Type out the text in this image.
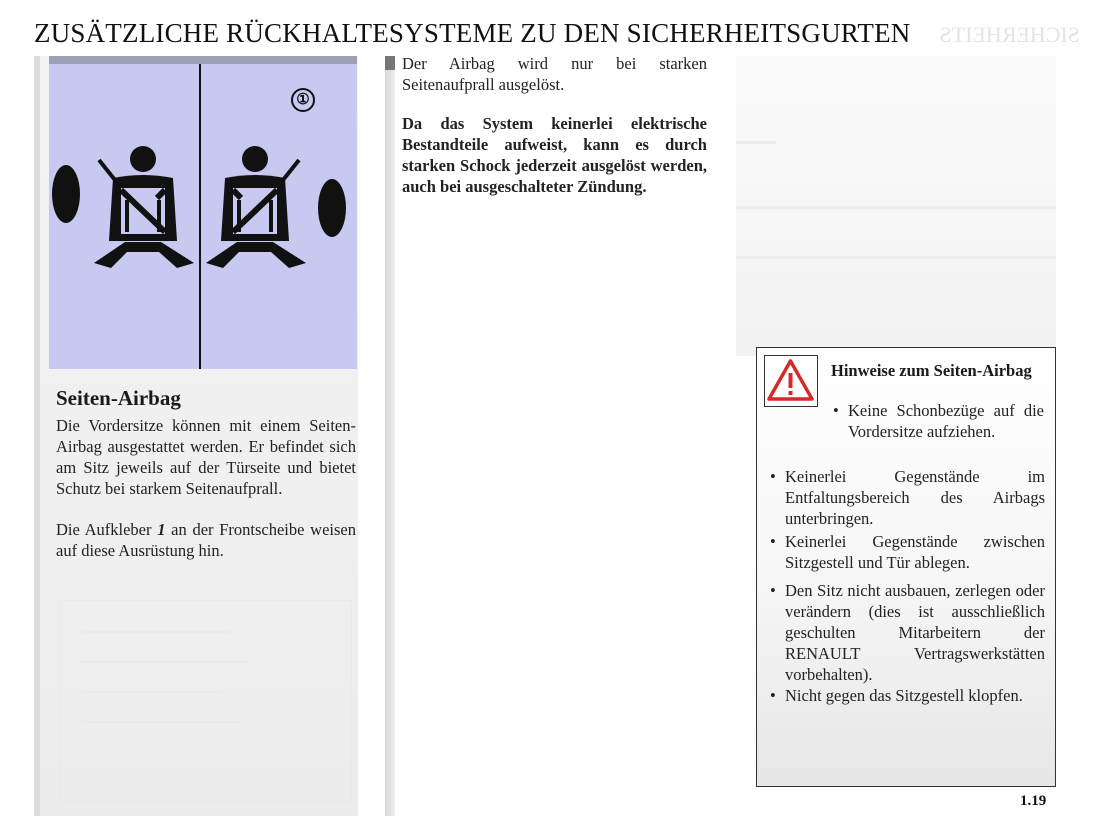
ZUSÄTZLICHE RÜCKHALTESYSTEME ZU DEN SICHERHEITSGURTEN	SICHERHEITS
①
Seiten-Airbag
Die Vordersitze können mit einem Seiten-Airbag ausgestattet werden. Er befindet sich am Sitz jeweils auf der Türseite und bietet Schutz bei starkem Seitenaufprall.
Die Aufkleber 1 an der Frontscheibe weisen auf diese Ausrüstung hin.
Der Airbag wird nur bei starken Seitenaufprall ausgelöst.
Da das System keinerlei elektrische Bestandteile aufweist, kann es durch starken Schock jederzeit ausgelöst werden, auch bei ausgeschalteter Zündung.
Hinweise zum Seiten-Airbag
• Keine Schonbezüge auf die Vordersitze aufziehen.
• Keinerlei Gegenstände im Entfaltungsbereich des Airbags unterbringen.
• Keinerlei Gegenstände zwischen Sitzgestell und Tür ablegen.
• Den Sitz nicht ausbauen, zerlegen oder verändern (dies ist ausschließlich geschulten Mitarbeitern der RENAULT Vertragswerkstätten vorbehalten).
• Nicht gegen das Sitzgestell klopfen.
1.19
